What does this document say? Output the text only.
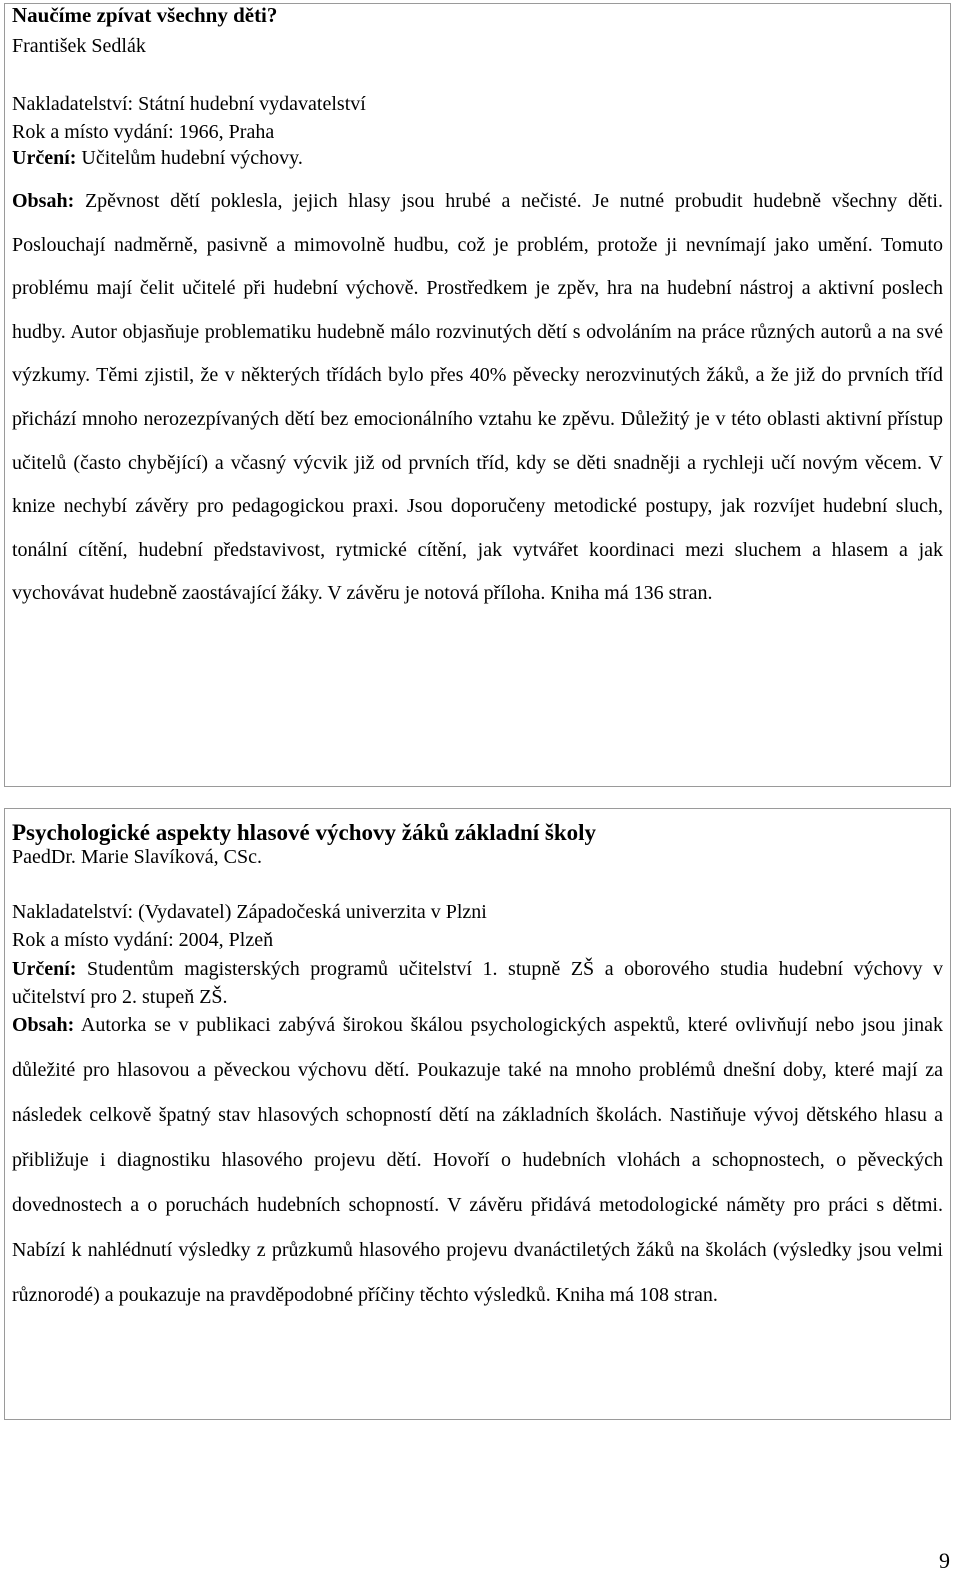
Naučíme zpívat všechny děti?
František Sedlák
Nakladatelství: Státní hudební vydavatelství
Rok a místo vydání: 1966, Praha
Určení: Učitelům hudební výchovy.
Obsah: Zpěvnost dětí poklesla, jejich hlasy jsou hrubé a nečisté. Je nutné probudit hudebně všechny děti. Poslouchají nadměrně, pasivně a mimovolně hudbu, což je problém, protože ji nevnímají jako umění. Tomuto problému mají čelit učitelé při hudební výchově. Prostředkem je zpěv, hra na hudební nástroj a aktivní poslech hudby. Autor objasňuje problematiku hudebně málo rozvinutých dětí s odvoláním na práce různých autorů a na své výzkumy. Těmi zjistil, že v některých třídách bylo přes 40% pěvecky nerozvinutých žáků, a že již do prvních tříd přichází mnoho nerozezpívaných dětí bez emocionálního vztahu ke zpěvu. Důležitý je v této oblasti aktivní přístup učitelů (často chybějící) a včasný výcvik již od prvních tříd, kdy se děti snadněji a rychleji učí novým věcem. V knize nechybí závěry pro pedagogickou praxi. Jsou doporučeny metodické postupy, jak rozvíjet hudební sluch, tonální cítění, hudební představivost, rytmické cítění, jak vytvářet koordinaci mezi sluchem a hlasem a jak vychovávat hudebně zaostávající žáky. V závěru je notová příloha. Kniha má 136 stran.
Psychologické aspekty hlasové výchovy žáků základní školy
PaedDr. Marie Slavíková, CSc.
Nakladatelství: (Vydavatel) Západočeská univerzita v Plzni
Rok a místo vydání: 2004, Plzeň
Určení: Studentům magisterských programů učitelství 1. stupně ZŠ a oborového studia hudební výchovy v učitelství pro 2. stupeň ZŠ.
Obsah: Autorka se v publikaci zabývá širokou škálou psychologických aspektů, které ovlivňují nebo jsou jinak důležité pro hlasovou a pěveckou výchovu dětí. Poukazuje také na mnoho problémů dnešní doby, které mají za následek celkově špatný stav hlasových schopností dětí na základních školách. Nastiňuje vývoj dětského hlasu a přibližuje i diagnostiku hlasového projevu dětí. Hovoří o hudebních vlohách a schopnostech, o pěveckých dovednostech a o poruchách hudebních schopností. V závěru přidává metodologické náměty pro práci s dětmi. Nabízí k nahlédnutí výsledky z průzkumů hlasového projevu dvanáctiletých žáků na školách (výsledky jsou velmi různorodé) a poukazuje na pravděpodobné příčiny těchto výsledků. Kniha má 108 stran.
9
